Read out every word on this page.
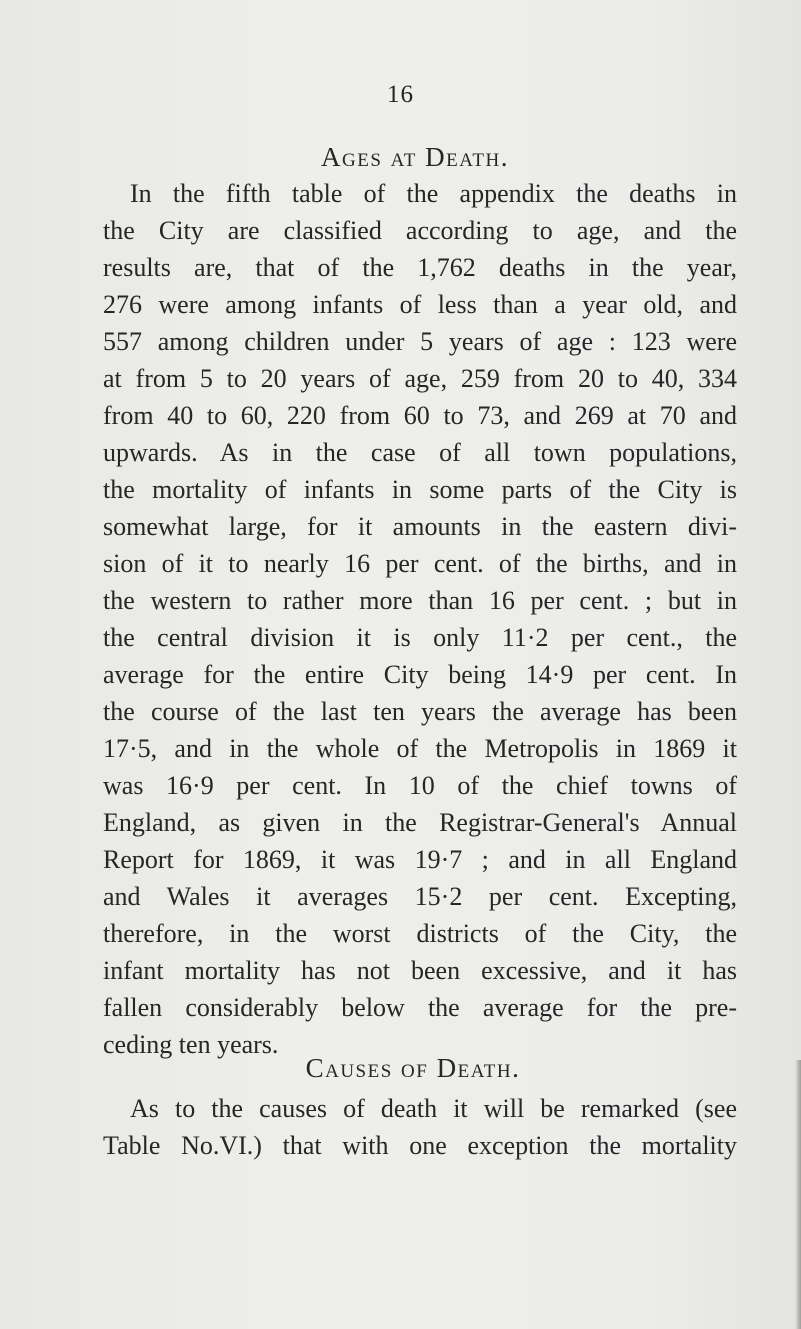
16
Ages at Death.
In the fifth table of the appendix the deaths in
the City are classified according to age, and the
results are, that of the 1,762 deaths in the year,
276 were among infants of less than a year old, and
557 among children under 5 years of age : 123 were
at from 5 to 20 years of age, 259 from 20 to 40, 334
from 40 to 60, 220 from 60 to 73, and 269 at 70 and
upwards. As in the case of all town populations,
the mortality of infants in some parts of the City is
somewhat large, for it amounts in the eastern divi-
sion of it to nearly 16 per cent. of the births, and in
the western to rather more than 16 per cent. ; but in
the central division it is only 11·2 per cent., the
average for the entire City being 14·9 per cent. In
the course of the last ten years the average has been
17·5, and in the whole of the Metropolis in 1869 it
was 16·9 per cent. In 10 of the chief towns of
England, as given in the Registrar-General's Annual
Report for 1869, it was 19·7 ; and in all England
and Wales it averages 15·2 per cent. Excepting,
therefore, in the worst districts of the City, the
infant mortality has not been excessive, and it has
fallen considerably below the average for the pre-
ceding ten years.
Causes of Death.
As to the causes of death it will be remarked (see
Table No.VI.) that with one exception the mortality
